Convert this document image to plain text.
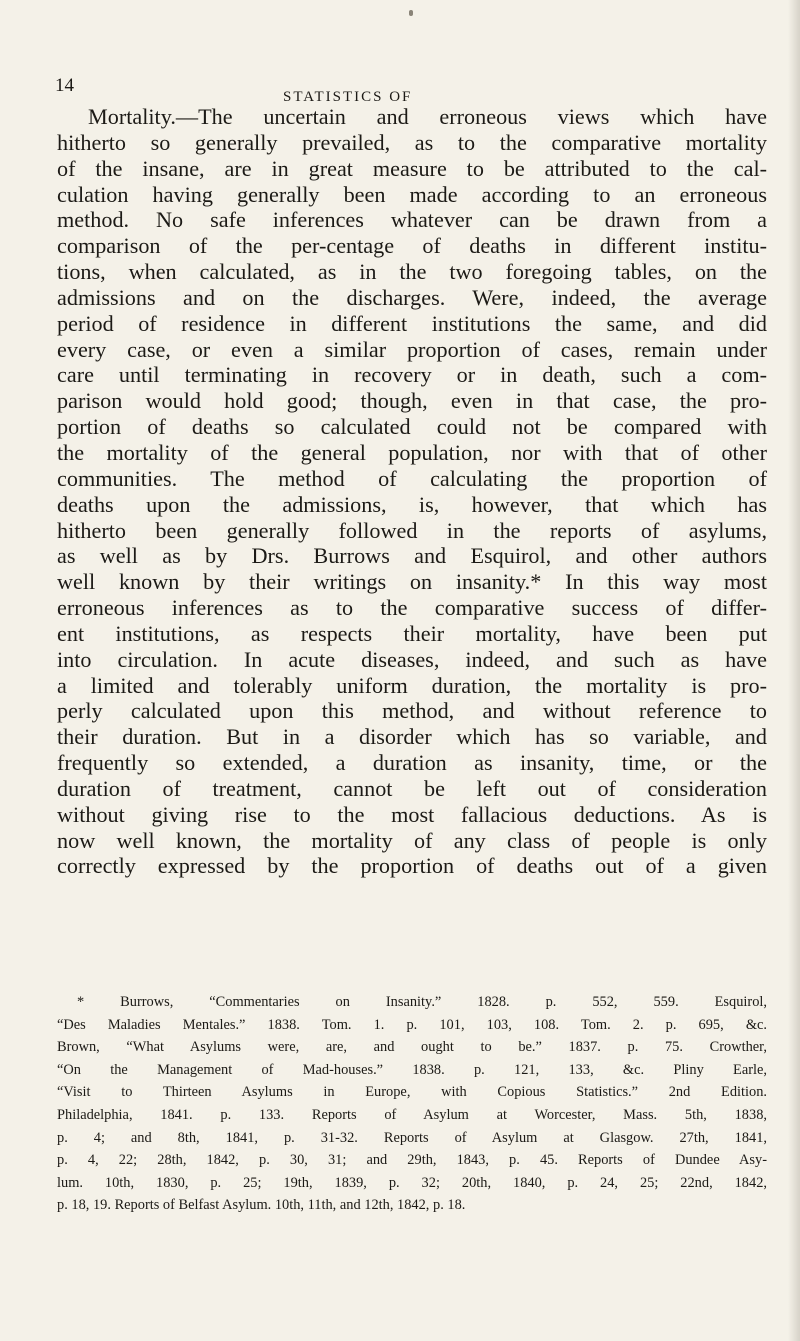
14
STATISTICS OF
Mortality.—The uncertain and erroneous views which have
hitherto so generally prevailed, as to the comparative mortality
of the insane, are in great measure to be attributed to the cal-
culation having generally been made according to an erroneous
method. No safe inferences whatever can be drawn from a
comparison of the per-centage of deaths in different institu-
tions, when calculated, as in the two foregoing tables, on the
admissions and on the discharges. Were, indeed, the average
period of residence in different institutions the same, and did
every case, or even a similar proportion of cases, remain under
care until terminating in recovery or in death, such a com-
parison would hold good; though, even in that case, the pro-
portion of deaths so calculated could not be compared with
the mortality of the general population, nor with that of other
communities. The method of calculating the proportion of
deaths upon the admissions, is, however, that which has
hitherto been generally followed in the reports of asylums,
as well as by Drs. Burrows and Esquirol, and other authors
well known by their writings on insanity.* In this way most
erroneous inferences as to the comparative success of differ-
ent institutions, as respects their mortality, have been put
into circulation. In acute diseases, indeed, and such as have
a limited and tolerably uniform duration, the mortality is pro-
perly calculated upon this method, and without reference to
their duration. But in a disorder which has so variable, and
frequently so extended, a duration as insanity, time, or the
duration of treatment, cannot be left out of consideration
without giving rise to the most fallacious deductions. As is
now well known, the mortality of any class of people is only
correctly expressed by the proportion of deaths out of a given
* Burrows, “Commentaries on Insanity.” 1828. p. 552, 559. Esquirol,
“Des Maladies Mentales.” 1838. Tom. 1. p. 101, 103, 108. Tom. 2. p. 695, &c.
Brown, “What Asylums were, are, and ought to be.” 1837. p. 75. Crowther,
“On the Management of Mad-houses.” 1838. p. 121, 133, &c. Pliny Earle,
“Visit to Thirteen Asylums in Europe, with Copious Statistics.” 2nd Edition.
Philadelphia, 1841. p. 133. Reports of Asylum at Worcester, Mass. 5th, 1838,
p. 4; and 8th, 1841, p. 31-32. Reports of Asylum at Glasgow. 27th, 1841,
p. 4, 22; 28th, 1842, p. 30, 31; and 29th, 1843, p. 45. Reports of Dundee Asy-
lum. 10th, 1830, p. 25; 19th, 1839, p. 32; 20th, 1840, p. 24, 25; 22nd, 1842,
p. 18, 19. Reports of Belfast Asylum. 10th, 11th, and 12th, 1842, p. 18.
